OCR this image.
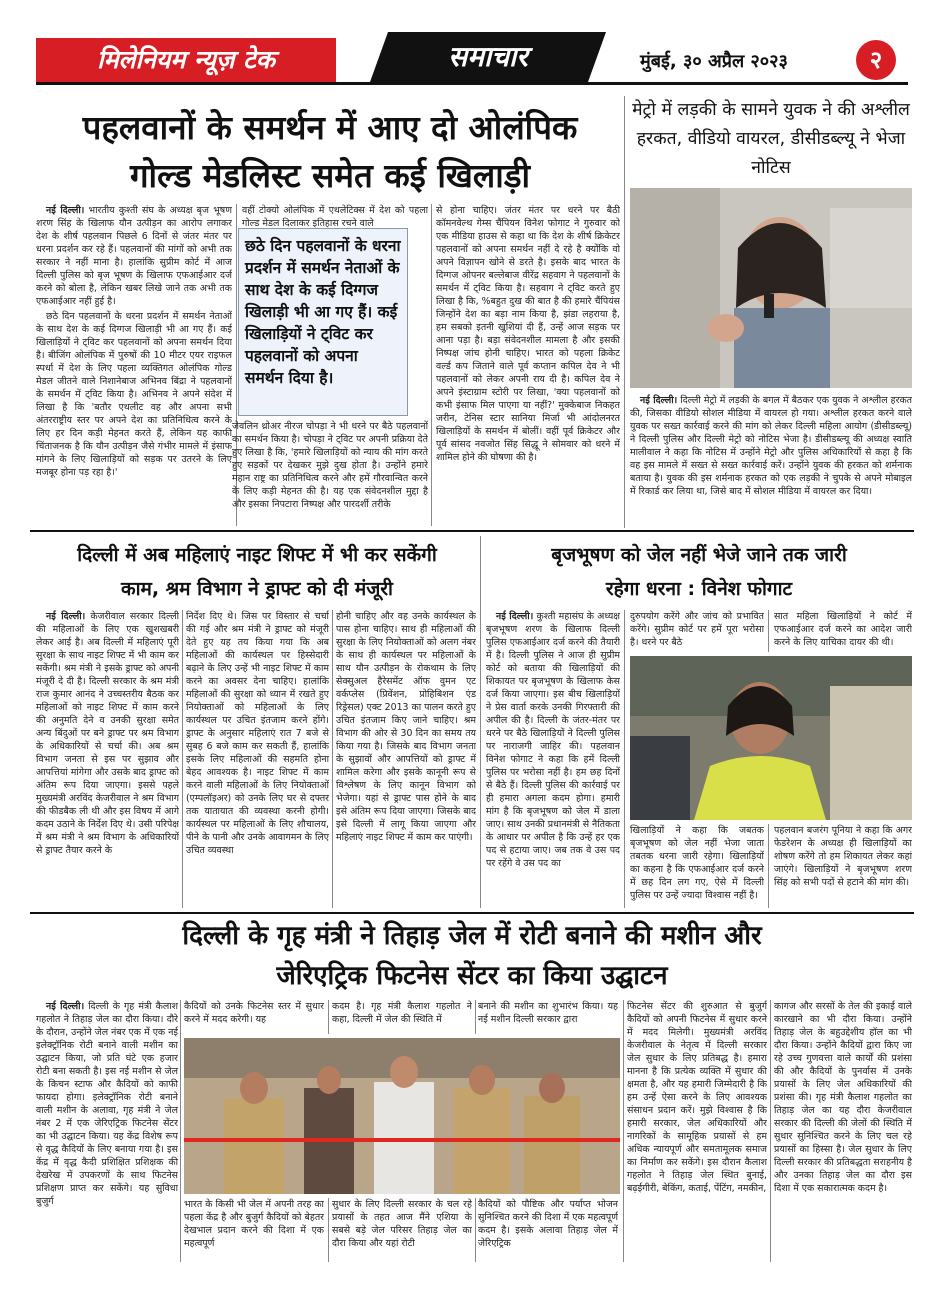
मिलेनियम न्यूज़ टेक	समाचार	मुंबई, ३० अप्रैल २०२३	२
पहलवानों के समर्थन में आए दो ओलंपिक
गोल्ड मेडलिस्ट समेत कई खिलाड़ी

नई दिल्ली। भारतीय कुश्ती संघ के अध्यक्ष बृज भूषण शरण सिंह के खिलाफ यौन उत्पीड़न का आरोप लगाकर देश के शीर्ष पहलवान पिछले 6 दिनों से जंतर मंतर पर धरना प्रदर्शन कर रहे हैं। पहलवानों की मांगों को अभी तक सरकार ने नहीं माना है। हालांकि सुप्रीम कोर्ट में आज दिल्ली पुलिस को बृज भूषण के खिलाफ एफआईआर दर्ज करने को बोला है, लेकिन खबर लिखे जाने तक अभी तक एफआईआर नहीं हुई है।

छठे दिन पहलवानों के धरना प्रदर्शन में समर्थन नेताओं के साथ देश के कई दिग्गज खिलाड़ी भी आ गए हैं। कई खिलाड़ियों ने ट्विट कर पहलवानों को अपना समर्थन दिया है। बीजिंग ओलंपिक में पुरुषों की 10 मीटर एयर राइफल स्पर्धा में देश के लिए पहला व्यक्तिगत ओलंपिक गोल्ड मेडल जीतने वाले निशानेबाज अभिनव बिंद्रा ने पहलवानों के समर्थन में ट्विट किया है। अभिनव ने अपने संदेश में लिखा है कि 'बतौर एथलीट वह और अपना सभी अंतरराष्ट्रीय स्तर पर अपने देश का प्रतिनिधित्व करने के लिए हर दिन कड़ी मेहनत करते हैं, लेकिन यह काफी चिंताजनक है कि यौन उत्पीड़न जैसे गंभीर मामले में इंसाफ मांगने के लिए खिलाड़ियों को सड़क पर उतरने के लिए मजबूर होना पड़ रहा है।'

वहीं टोक्यो ओलंपिक में एथलेटिक्स में देश को पहला गोल्ड मेडल दिलाकर इतिहास रचने वाले
छठे दिन पहलवानों के धरना प्रदर्शन में समर्थन नेताओं के साथ देश के कई दिग्गज खिलाड़ी भी आ गए हैं। कई खिलाड़ियों ने ट्विट कर पहलवानों को अपना समर्थन दिया है।
जेवलिन थ्रोअर नीरज चोपड़ा ने भी धरने पर बैठे पहलवानों का समर्थन किया है। चोपड़ा ने ट्विट पर अपनी प्रक्रिया देते हुए लिखा है कि, 'हमारे खिलाड़ियों को न्याय की मांग करते हुए सड़कों पर देखकर मुझे दुख होता है। उन्होंने हमारे महान राष्ट्र का प्रतिनिधित्व करने और हमें गौरवान्वित करने के लिए कड़ी मेहनत की है। यह एक संवेदनशील मुद्दा है और इसका निपटारा निष्पक्ष और पारदर्शी तरीके
से होना चाहिए। जंतर मंतर पर धरने पर बैठी कॉमनवेल्थ गेम्स चैंपियन विनेश फोगाट ने गुरुवार को एक मीडिया हाउस से कहा था कि देश के शीर्ष क्रिकेटर पहलवानों को अपना समर्थन नहीं दे रहे है क्योंकि वो अपने विज्ञापन खोने से डरते है। इसके बाद भारत के दिग्गज ओपनर बल्लेबाज वीरेंद्र सहवाग ने पहलवानों के समर्थन में ट्विट किया है। सहवाग ने ट्विट करते हुए लिखा है कि, %बहुत दुख की बात है की हमारे चैंपियंस जिन्होंने देश का बड़ा नाम किया है, झंडा लहराया है, हम सबको इतनी खुशियां दी हैं, उन्हें आज सड़क पर आना पड़ा है। बड़ा संवेदनशील मामला है और इसकी निष्पक्ष जांच होनी चाहिए। भारत को पहला क्रिकेट वर्ल्ड कप जिताने वाले पूर्व कप्तान कपिल देव ने भी पहलवानों को लेकर अपनी राय दी है। कपिल देव ने अपने इंस्टाग्राम स्टोरी पर लिखा, 'क्या पहलवानों को कभी इंसाफ मिल पाएगा या नहीं?' मुक्केबाज निकहत जरीन, टेनिस स्टार सानिया मिर्जा भी आंदोलनरत खिलाड़ियों के समर्थन में बोलीं। वहीं पूर्व क्रिकेटर और पूर्व सांसद नवजोत सिंह सिद्धू ने सोमवार को धरने में शामिल होने की घोषणा की है।
मेट्रो में लड़की के सामने युवक ने की अश्लील हरकत, वीडियो वायरल, डीसीडब्ल्यू ने भेजा नोटिस

नई दिल्ली। दिल्ली मेट्रो में लड़की के बगल में बैठकर एक युवक ने अश्लील हरकत की, जिसका वीडियो सोशल मीडिया में वायरल हो गया। अश्लील हरकत करने वाले युवक पर सख्त कार्रवाई करने की मांग को लेकर दिल्ली महिला आयोग (डीसीडब्ल्यू) ने दिल्ली पुलिस और दिल्ली मेट्रो को नोटिस भेजा है। डीसीडब्ल्यू की अध्यक्ष स्वाति मालीवाल ने कहा कि नोटिस में उन्होंने मेट्रो और पुलिस अधिकारियों से कहा है कि वह इस मामले में सख्त से सख्त कार्रवाई करें। उन्होंने युवक की हरकत को शर्मनाक बताया है। युवक की इस शर्मनाक हरकत को एक लड़की ने चुपके से अपने मोबाइल में रिकार्ड कर लिया था, जिसे बाद में सोशल मीडिया में वायरल कर दिया।

दिल्ली में अब महिलाएं नाइट शिफ्ट में भी कर सकेंगी
काम, श्रम विभाग ने ड्राफ्ट को दी मंजूरी

नई दिल्ली। केजरीवाल सरकार दिल्ली की महिलाओं के लिए एक खुशखबरी लेकर आई है। अब दिल्ली में महिलाएं पूरी सुरक्षा के साथ नाइट शिफ्ट में भी काम कर सकेंगी। श्रम मंत्री ने इसके ड्राफ्ट को अपनी मंजूरी दे दी है। दिल्ली सरकार के श्रम मंत्री राज कुमार आनंद ने उच्चस्तरीय बैठक कर महिलाओं को नाइट शिफ्ट में काम करने की अनुमति देने व उनकी सुरक्षा समेत अन्य बिंदुओं पर बने ड्राफ्ट पर श्रम विभाग के अधिकारियों से चर्चा की। अब श्रम विभाग जनता से इस पर सुझाव और आपत्तियां मांगेगा और उसके बाद ड्राफ्ट को अंतिम रूप दिया जाएगा। इससे पहले मुख्यमंत्री अरविंद केजरीवाल ने श्रम विभाग की फीडबैक ली थी और इस विषय में आगे कदम उठाने के निर्देश दिए थे। उसी परिपेक्ष में श्रम मंत्री ने श्रम विभाग के अधिकारियों से ड्राफ्ट तैयार करने के

निर्देश दिए थे। जिस पर विस्तार से चर्चा की गई और श्रम मंत्री ने ड्राफ्ट को मंजूरी देते हुए यह तय किया गया कि अब महिलाओं की कार्यस्थल पर हिस्सेदारी बढ़ाने के लिए उन्हें भी नाइट शिफ्ट में काम करने का अवसर देना चाहिए। हालांकि महिलाओं की सुरक्षा को ध्यान में रखते हुए नियोक्ताओं को महिलाओं के लिए कार्यस्थल पर उचित इंतजाम करने होंगे। ड्राफ्ट के अनुसार महिलाएं रात 7 बजे से सुबह 6 बजे काम कर सकती हैं, हालांकि इसके लिए महिलाओं की सहमति होना बेहद आवश्यक है। नाइट शिफ्ट में काम करने वाली महिलाओं के लिए नियोक्ताओं (एम्पलॉइअर) को उनके लिए घर से दफ्तर तक यातायात की व्यवस्था करनी होगी। कार्यस्थल पर महिलाओं के लिए शौचालय, पीने के पानी और उनके आवागमन के लिए उचित व्यवस्था
होनी चाहिए और वह उनके कार्यस्थल के पास होना चाहिए। साथ ही महिलाओं की सुरक्षा के लिए नियोक्ताओं को अलग नंबर के साथ ही कार्यस्थल पर महिलाओं के साथ यौन उत्पीड़न के रोकथाम के लिए सेक्सुअल हैरेसमेंट ऑफ वुमन एट वर्कप्लेस (प्रिवेंशन, प्रोहिबिशन एंड रिड्रेसल) एक्ट 2013 का पालन करते हुए उचित इंतजाम किए जाने चाहिए। श्रम विभाग की ओर से 30 दिन का समय तय किया गया है। जिसके बाद विभाग जनता के सुझावों और आपत्तियों को ड्राफ्ट में शामिल करेगा और इसके कानूनी रूप से विश्लेषण के लिए कानून विभाग को भेजेगा। यहां से ड्राफ्ट पास होने के बाद इसे अंतिम रूप दिया जाएगा। जिसके बाद इसे दिल्ली में लागू किया जाएगा और महिलाएं नाइट शिफ्ट में काम कर पाएंगी।
बृजभूषण को जेल नहीं भेजे जाने तक जारी
रहेगा धरना : विनेश फोगाट

नई दिल्ली। कुश्ती महासंघ के अध्यक्ष बृजभूषण शरण के खिलाफ दिल्ली पुलिस एफआईआर दर्ज करने की तैयारी में है। दिल्ली पुलिस ने आज ही सुप्रीम कोर्ट को बताया की खिलाड़ियों की शिकायत पर बृजभूषण के खिलाफ केस दर्ज किया जाएगा। इस बीच खिलाड़ियों ने प्रेस वार्ता करके उनकी गिरफ्तारी की अपील की है। दिल्ली के जंतर-मंतर पर धरने पर बैठे खिलाड़ियों ने दिल्ली पुलिस पर नाराजगी जाहिर की। पहलवान विनेश फोगाट ने कहा कि हमें दिल्ली पुलिस पर भरोसा नहीं है। हम छह दिनों से बैठे हैं। दिल्ली पुलिस की कार्रवाई पर ही हमारा अगला कदम होगा। हमारी मांग है कि बृजभूषण को जेल में डाला जाए। साथ उनकी प्रधानमंत्री से नैतिकता के आधार पर अपील है कि उन्हें हर एक पद से हटाया जाए। जब तक वे उस पद पर रहेंगे वे उस पद का

दुरुपयोग करेंगे और जांच को प्रभावित करेंगे। सुप्रीम कोर्ट पर हमें पूरा भरोसा है। धरने पर बैठे
सात महिला खिलाड़ियों ने कोर्ट में एफआईआर दर्ज करने का आदेश जारी करने के लिए याचिका दायर की थी।
खिलाड़ियों ने कहा कि जबतक बृजभूषण को जेल नहीं भेजा जाता तबतक धरना जारी रहेगा। खिलाड़ियों का कहना है कि एफआईआर दर्ज करने में छह दिन लग गए, ऐसे में दिल्ली पुलिस पर उन्हें ज्यादा विश्वास नहीं है।
पहलवान बजरंग पूनिया ने कहा कि अगर फेडरेशन के अध्यक्ष ही खिलाड़ियों का शोषण करेंगे तो हम शिकायत लेकर कहां जाएंगे। खिलाड़ियों ने बृजभूषण शरण सिंह को सभी पदों से हटाने की मांग की।
दिल्ली के गृह मंत्री ने तिहाड़ जेल में रोटी बनाने की मशीन और
जेरिएट्रिक फिटनेस सेंटर का किया उद्घाटन

नई दिल्ली। दिल्ली के गृह मंत्री कैलाश गहलोत ने तिहाड़ जेल का दौरा किया। दौरे के दौरान, उन्होंने जेल नंबर एक में एक नई इलेक्ट्रॉनिक रोटी बनाने वाली मशीन का उद्घाटन किया, जो प्रति घंटे एक हजार रोटी बना सकती है। इस नई मशीन से जेल के किचन स्टाफ और कैदियों को काफी फायदा होगा। इलेक्ट्रॉनिक रोटी बनाने वाली मशीन के अलावा, गृह मंत्री ने जेल नंबर 2 में एक जेरिएट्रिक फिटनेस सेंटर का भी उद्घाटन किया। यह केंद्र विशेष रूप से वृद्ध कैदियों के लिए बनाया गया है। इस केंद्र में वृद्ध कैदी प्रशिक्षित प्रशिक्षक की देखरेख में उपकरणों के साथ फिटनेस प्रशिक्षण प्राप्त कर सकेंगे। यह सुविधा बुजुर्ग

कैदियों को उनके फिटनेस स्तर में सुधार करने में मदद करेगी। यह
कदम है। गृह मंत्री कैलाश गहलोत ने कहा, दिल्ली में जेल की स्थिति में
बनाने की मशीन का शुभारंभ किया। यह नई मशीन दिल्ली सरकार द्वारा
भारत के किसी भी जेल में अपनी तरह का पहला केंद्र है और बुजुर्ग कैदियों को बेहतर देखभाल प्रदान करने की दिशा में एक महत्वपूर्ण
सुधार के लिए दिल्ली सरकार के चल रहे प्रयासों के तहत आज मैंने एशिया के सबसे बड़े जेल परिसर तिहाड़ जेल का दौरा किया और यहां रोटी
कैदियों को पौष्टिक और पर्याप्त भोजन सुनिश्चित करने की दिशा में एक महत्वपूर्ण कदम है। इसके अलावा तिहाड़ जेल में जेरिएट्रिक
फिटनेस सेंटर की शुरुआत से बुजुर्ग कैदियों को अपनी फिटनेस में सुधार करने में मदद मिलेगी। मुख्यमंत्री अरविंद केजरीवाल के नेतृत्व में दिल्ली सरकार जेल सुधार के लिए प्रतिबद्ध है। हमारा मानना है कि प्रत्येक व्यक्ति में सुधार की क्षमता है, और यह हमारी जिम्मेदारी है कि हम उन्हें ऐसा करने के लिए आवश्यक संसाधन प्रदान करें। मुझे विश्वास है कि हमारी सरकार, जेल अधिकारियों और नागरिकों के सामूहिक प्रयासों से हम अधिक न्यायपूर्ण और समतामूलक समाज का निर्माण कर सकेंगे। इस दौरान कैलाश गहलोत ने तिहाड़ जेल स्थित बुनाई, बढ़ईगीरी, बेकिंग, कताई, पेंटिंग, नमकीन,
कागज और सरसों के तेल की इकाई वाले कारखाने का भी दौरा किया। उन्होंने तिहाड़ जेल के बहुउद्देशीय हॉल का भी दौरा किया। उन्होंने कैदियों द्वारा किए जा रहे उच्च गुणवत्ता वाले कार्यों की प्रशंसा की और कैदियों के पुनर्वास में उनके प्रयासों के लिए जेल अधिकारियों की प्रशंसा की। गृह मंत्री कैलाश गहलोत का तिहाड़ जेल का यह दौरा केजरीवाल सरकार की दिल्ली की जेलों की स्थिति में सुधार सुनिश्चित करने के लिए चल रहे प्रयासों का हिस्सा है। जेल सुधार के लिए दिल्ली सरकार की प्रतिबद्धता सराहनीय है और उनका तिहाड़ जेल का दौरा इस दिशा में एक सकारात्मक कदम है।
